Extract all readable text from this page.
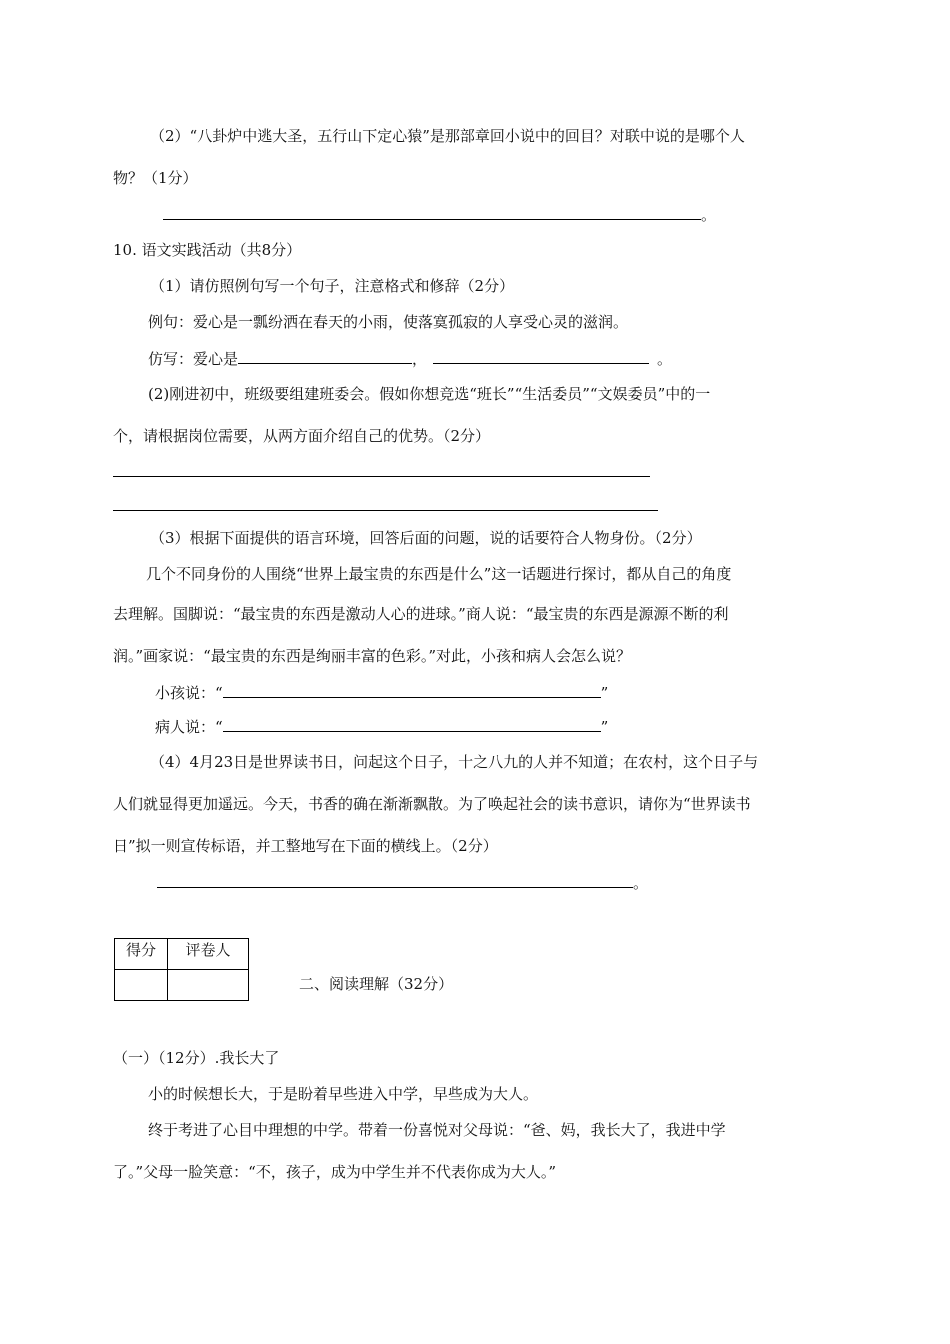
（2）“八卦炉中逃大圣，五行山下定心猿”是那部章回小说中的回目？对联中说的是哪个人
物？（1分）
。
10. 语文实践活动（共8分）
（1）请仿照例句写一个句子，注意格式和修辞（2分）
例句：爱心是一瓢纷洒在春天的小雨，使落寞孤寂的人享受心灵的滋润。
仿写：爱心是	，	。
(2)刚进初中，班级要组建班委会。假如你想竞选“班长”“生活委员”“文娱委员”中的一
个，请根据岗位需要，从两方面介绍自己的优势。（2分）
（3）根据下面提供的语言环境，回答后面的问题，说的话要符合人物身份。（2分）
几个不同身份的人围绕“世界上最宝贵的东西是什么”这一话题进行探讨，都从自己的角度
去理解。国脚说：“最宝贵的东西是激动人心的进球。”商人说：“最宝贵的东西是源源不断的利
润。”画家说：“最宝贵的东西是绚丽丰富的色彩。”对此，小孩和病人会怎么说？
小孩说：“	”
病人说：“	”
（4）4月23日是世界读书日，问起这个日子，十之八九的人并不知道；在农村，这个日子与
人们就显得更加遥远。今天，书香的确在渐渐飘散。为了唤起社会的读书意识，请你为“世界读书
日”拟一则宣传标语，并工整地写在下面的横线上。（2分）
。
得分	评卷人

二、阅读理解（32分）
（一）（12分）.我长大了
小的时候想长大，于是盼着早些进入中学，早些成为大人。
终于考进了心目中理想的中学。带着一份喜悦对父母说：“爸、妈，我长大了，我进中学
了。”父母一脸笑意：“不，孩子，成为中学生并不代表你成为大人。”
